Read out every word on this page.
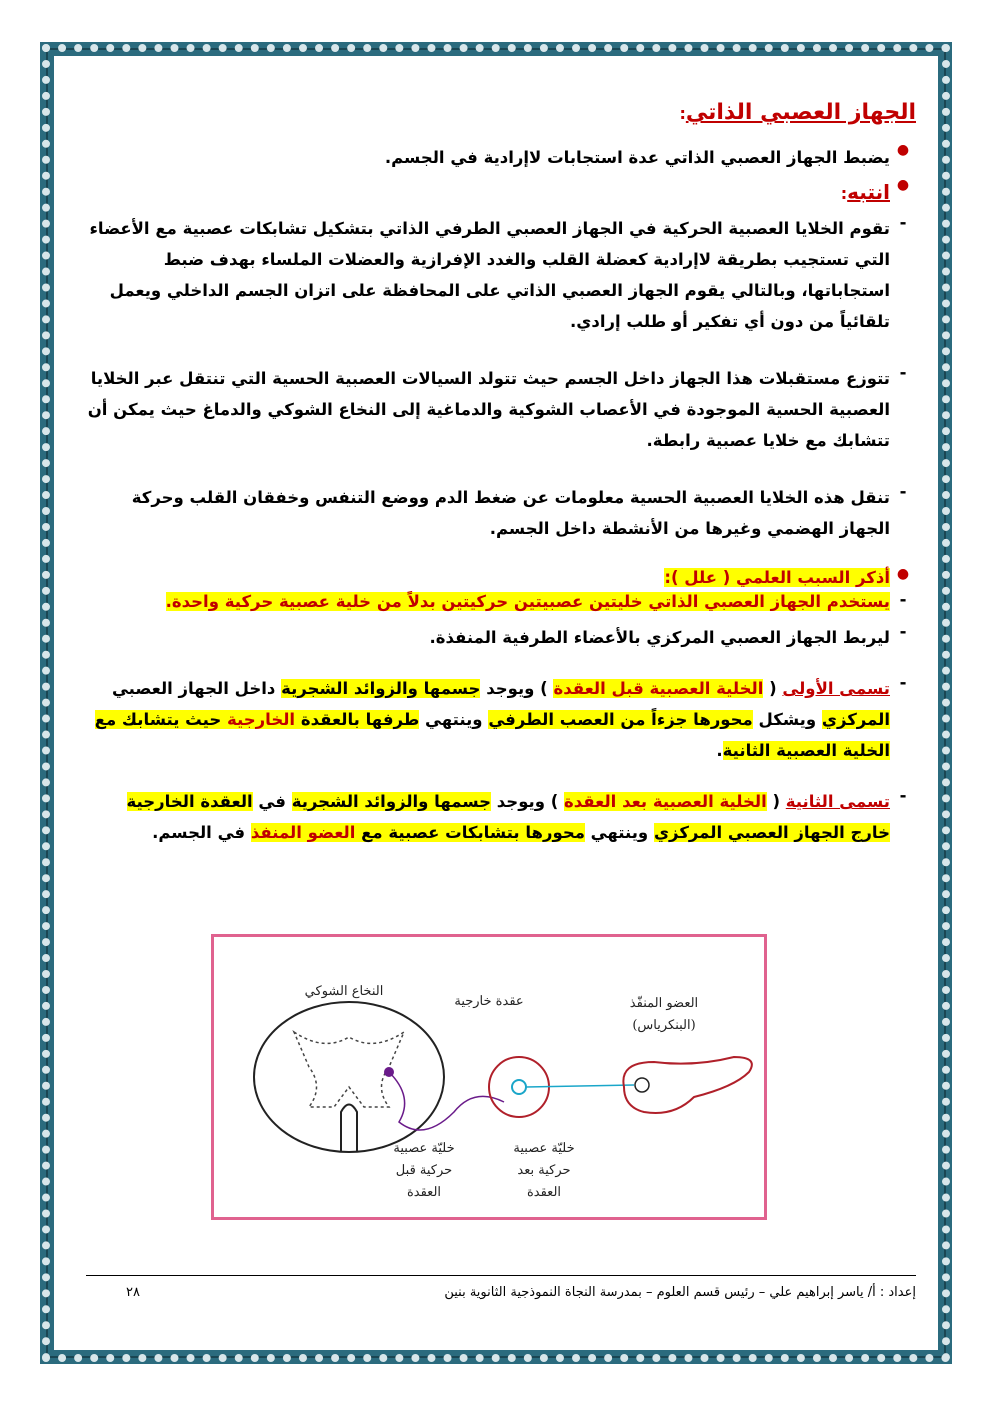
الجهاز العصبي الذاتي:
●
يضبط الجهاز العصبي الذاتي عدة استجابات لاإرادية في الجسم.
●
انتبه:
-
تقوم الخلايا العصبية الحركية في الجهاز العصبي الطرفي الذاتي بتشكيل تشابكات عصبية مع الأعضاء التي تستجيب بطريقة لاإرادية كعضلة القلب والغدد الإفرازية والعضلات الملساء بهدف ضبط استجاباتها، وبالتالي يقوم الجهاز العصبي الذاتي على المحافظة على اتزان الجسم الداخلي ويعمل تلقائياً من دون أي تفكير أو طلب إرادي.
-
تتوزع مستقبلات هذا الجهاز داخل الجسم حيث تتولد السيالات العصبية الحسية التي تنتقل عبر الخلايا العصبية الحسية الموجودة في الأعصاب الشوكية والدماغية إلى النخاع الشوكي والدماغ حيث يمكن أن تتشابك مع خلايا عصبية رابطة.
-
تنقل هذه الخلايا العصبية الحسية معلومات عن ضغط الدم ووضع التنفس وخفقان القلب وحركة الجهاز الهضمي وغيرها من الأنشطة داخل الجسم.
●
أذكر السبب العلمي ( علل ):
-
يستخدم الجهاز العصبي الذاتي خليتين عصبيتين حركيتين بدلاً من خلية عصبية حركية واحدة.
-
ليربط الجهاز العصبي المركزي بالأعضاء الطرفية المنفذة.
-
تسمى الأولى ( الخلية العصبية قبل العقدة ) ويوجد جسمها والزوائد الشجرية داخل الجهاز العصبي المركزي ويشكل محورها جزءاً من العصب الطرفي وينتهي طرفها بالعقدة الخارجية حيث يتشابك مع الخلية العصبية الثانية.
-
تسمى الثانية ( الخلية العصبية بعد العقدة ) ويوجد جسمها والزوائد الشجرية في العقدة الخارجية خارج الجهاز العصبي المركزي وينتهي محورها بتشابكات عصبية مع العضو المنفذ في الجسم.
النخاع الشوكي
عقدة خارجية	العضو المنفّذ
(البنكرياس)
خليّة عصبية
حركية قبل
العقدة
خليّة عصبية
حركية بعد
العقدة
إعداد : أ/ ياسر إبراهيم علي – رئيس قسم العلوم – بمدرسة النجاة النموذجية الثانوية بنين
٢٨
